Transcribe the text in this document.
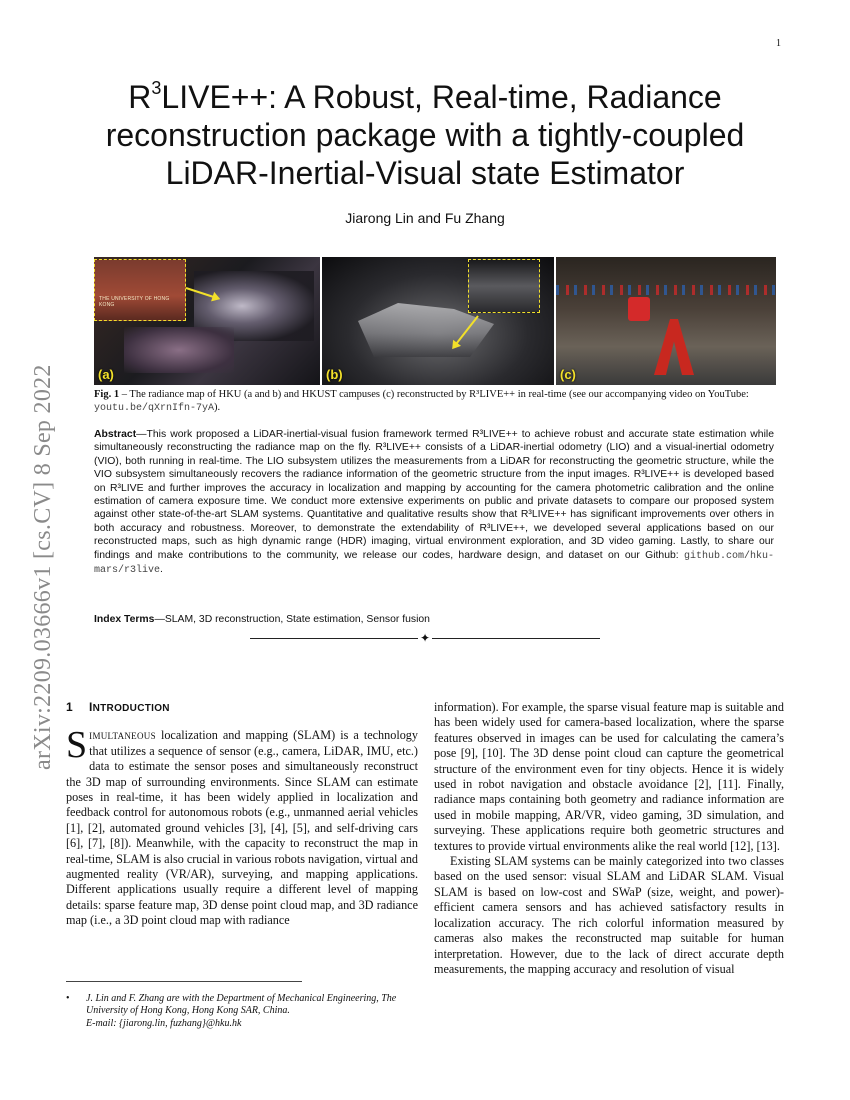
1
arXiv:2209.03666v1 [cs.CV] 8 Sep 2022
$R^3LIVE++$: A Robust, Real-time, Radiance reconstruction package with a tightly-coupled LiDAR-Inertial-Visual state Estimator
Jiarong Lin and Fu Zhang
THE UNIVERSITY OF HONG KONG
(a)	(b)	(c)
Fig. 1 – The radiance map of HKU (a and b) and HKUST campuses (c) reconstructed by R³LIVE++ in real-time (see our accompanying video on YouTube: youtu.be/qXrnIfn-7yA).
Abstract—This work proposed a LiDAR-inertial-visual fusion framework termed R³LIVE++ to achieve robust and accurate state estimation while simultaneously reconstructing the radiance map on the fly. R³LIVE++ consists of a LiDAR-inertial odometry (LIO) and a visual-inertial odometry (VIO), both running in real-time. The LIO subsystem utilizes the measurements from a LiDAR for reconstructing the geometric structure, while the VIO subsystem simultaneously recovers the radiance information of the geometric structure from the input images. R³LIVE++ is developed based on R³LIVE and further improves the accuracy in localization and mapping by accounting for the camera photometric calibration and the online estimation of camera exposure time. We conduct more extensive experiments on public and private datasets to compare our proposed system against other state-of-the-art SLAM systems. Quantitative and qualitative results show that R³LIVE++ has significant improvements over others in both accuracy and robustness. Moreover, to demonstrate the extendability of R³LIVE++, we developed several applications based on our reconstructed maps, such as high dynamic range (HDR) imaging, virtual environment exploration, and 3D video gaming. Lastly, to share our findings and make contributions to the community, we release our codes, hardware design, and dataset on our Github: github.com/hku-mars/r3live.
Index Terms—SLAM, 3D reconstruction, State estimation, Sensor fusion
✦
1 INTRODUCTION

Simultaneous localization and mapping (SLAM) is a technology that utilizes a sequence of sensor (e.g., camera, LiDAR, IMU, etc.) data to estimate the sensor poses and simultaneously reconstruct the 3D map of surrounding environments. Since SLAM can estimate poses in real-time, it has been widely applied in localization and feedback control for autonomous robots (e.g., unmanned aerial vehicles [1], [2], automated ground vehicles [3], [4], [5], and self-driving cars [6], [7], [8]). Meanwhile, with the capacity to reconstruct the map in real-time, SLAM is also crucial in various robots navigation, virtual and augmented reality (VR/AR), surveying, and mapping applications. Different applications usually require a different level of mapping details: sparse feature map, 3D dense point cloud map, and 3D radiance map (i.e., a 3D point cloud map with radiance

information). For example, the sparse visual feature map is suitable and has been widely used for camera-based localization, where the sparse features observed in images can be used for calculating the camera’s pose [9], [10]. The 3D dense point cloud can capture the geometrical structure of the environment even for tiny objects. Hence it is widely used in robot navigation and obstacle avoidance [2], [11]. Finally, radiance maps containing both geometry and radiance information are used in mobile mapping, AR/VR, video gaming, 3D simulation, and surveying. These applications require both geometric structures and textures to provide virtual environments alike the real world [12], [13].

Existing SLAM systems can be mainly categorized into two classes based on the used sensor: visual SLAM and LiDAR SLAM. Visual SLAM is based on low-cost and SWaP (size, weight, and power)-efficient camera sensors and has achieved satisfactory results in localization accuracy. The rich colorful information measured by cameras also makes the reconstructed map suitable for human interpretation. However, due to the lack of direct accurate depth measurements, the mapping accuracy and resolution of visual

• J. Lin and F. Zhang are with the Department of Mechanical Engineering, The University of Hong Kong, Hong Kong SAR, China.
E-mail: {jiarong.lin, fuzhang}@hku.hk
